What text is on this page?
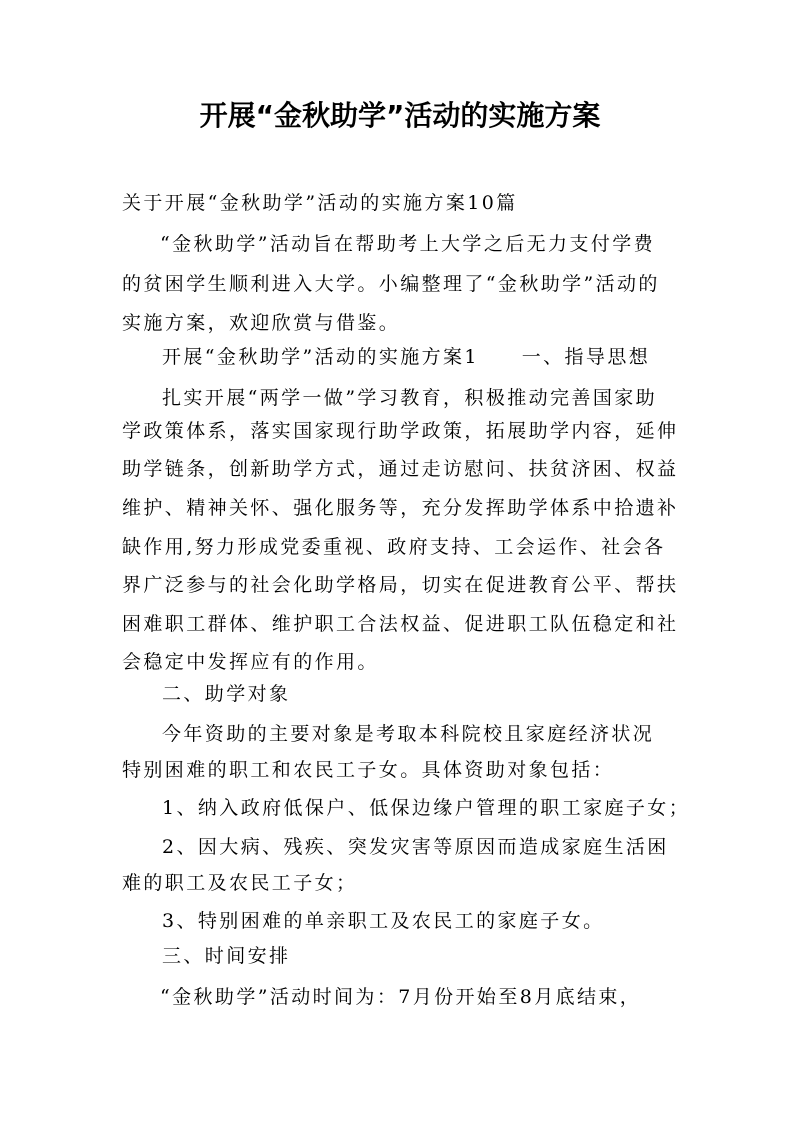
开展“金秋助学”活动的实施方案

关于开展“金秋助学”活动的实施方案10篇

“金秋助学”活动旨在帮助考上大学之后无力支付学费

的贫困学生顺利进入大学。小编整理了“金秋助学”活动的

实施方案，欢迎欣赏与借鉴。

开展“金秋助学”活动的实施方案1　　一、指导思想

扎实开展“两学一做”学习教育，积极推动完善国家助

学政策体系，落实国家现行助学政策，拓展助学内容，延伸

助学链条，创新助学方式，通过走访慰问、扶贫济困、权益

维护、精神关怀、强化服务等，充分发挥助学体系中拾遗补

缺作用,努力形成党委重视、政府支持、工会运作、社会各

界广泛参与的社会化助学格局，切实在促进教育公平、帮扶

困难职工群体、维护职工合法权益、促进职工队伍稳定和社

会稳定中发挥应有的作用。

二、助学对象

今年资助的主要对象是考取本科院校且家庭经济状况

特别困难的职工和农民工子女。具体资助对象包括：

1、纳入政府低保户、低保边缘户管理的职工家庭子女；

2、因大病、残疾、突发灾害等原因而造成家庭生活困

难的职工及农民工子女；

3、特别困难的单亲职工及农民工的家庭子女。

三、时间安排

“金秋助学”活动时间为：7月份开始至8月底结束，
